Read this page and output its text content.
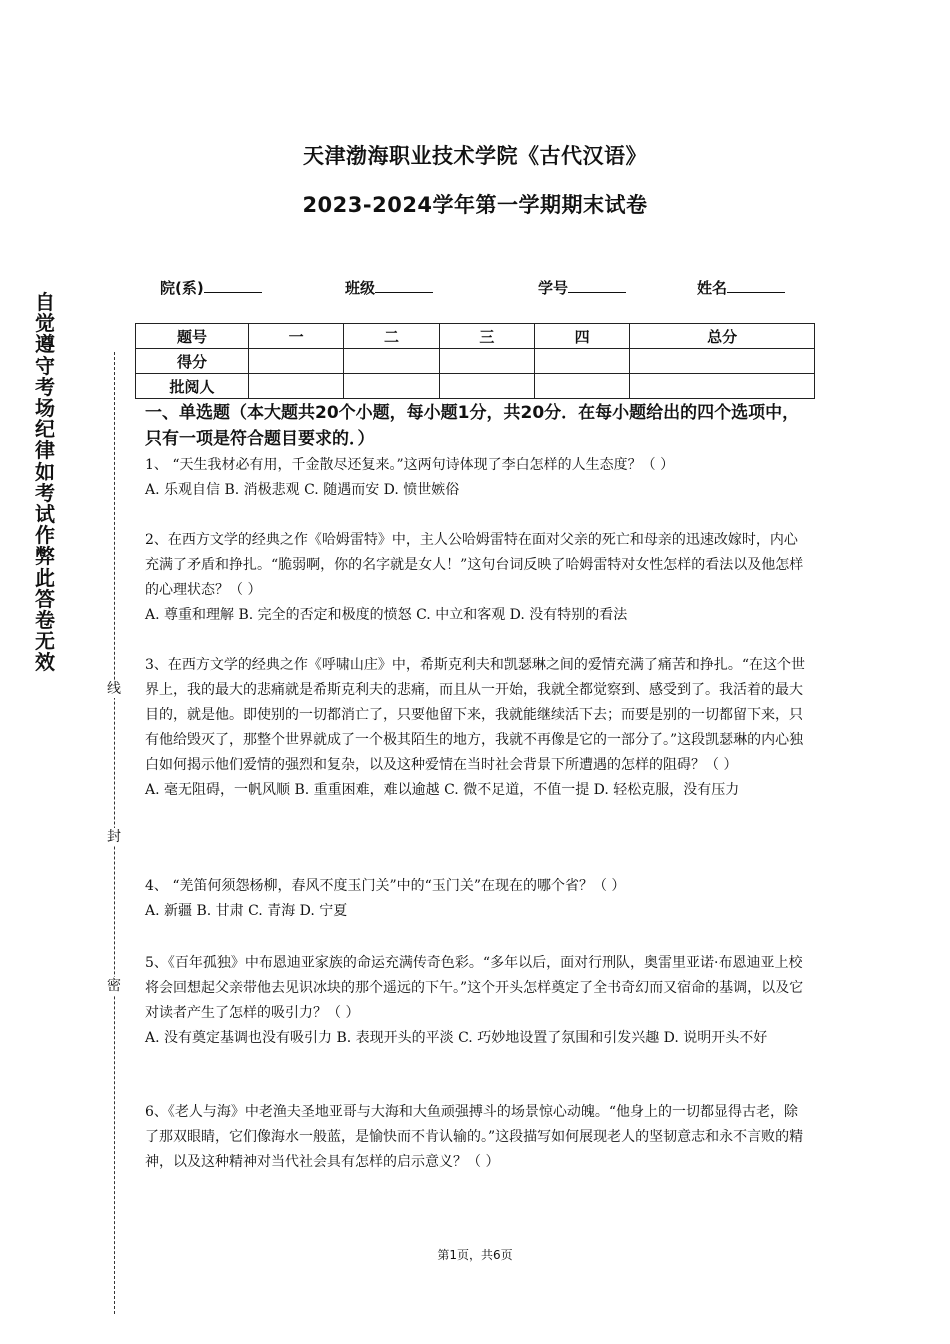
天津渤海职业技术学院《古代汉语》
2023-2024学年第一学期期末试卷
院(系)	班级	学号	姓名
题号	一	二	三	四	总分
得分					
批阅人					
自觉遵守考场纪律如考试作弊此答卷无效
线
封
密
一、单选题（本大题共20个小题，每小题1分，共20分．在每小题给出的四个选项中，只有一项是符合题目要求的．）

1、 “天生我材必有用，千金散尽还复来。”这两句诗体现了李白怎样的人生态度？（ ）

A. 乐观自信 B. 消极悲观 C. 随遇而安 D. 愤世嫉俗

2、在西方文学的经典之作《哈姆雷特》中，主人公哈姆雷特在面对父亲的死亡和母亲的迅速改嫁时，内心充满了矛盾和挣扎。“脆弱啊，你的名字就是女人！”这句台词反映了哈姆雷特对女性怎样的看法以及他怎样的心理状态？（ ）

A. 尊重和理解 B. 完全的否定和极度的愤怒 C. 中立和客观 D. 没有特别的看法

3、在西方文学的经典之作《呼啸山庄》中，希斯克利夫和凯瑟琳之间的爱情充满了痛苦和挣扎。“在这个世界上，我的最大的悲痛就是希斯克利夫的悲痛，而且从一开始，我就全都觉察到、感受到了。我活着的最大目的，就是他。即使别的一切都消亡了，只要他留下来，我就能继续活下去；而要是别的一切都留下来，只有他给毁灭了，那整个世界就成了一个极其陌生的地方，我就不再像是它的一部分了。”这段凯瑟琳的内心独白如何揭示他们爱情的强烈和复杂，以及这种爱情在当时社会背景下所遭遇的怎样的阻碍？（ ）

A. 毫无阻碍，一帆风顺 B. 重重困难，难以逾越 C. 微不足道，不值一提 D. 轻松克服，没有压力

4、 “羌笛何须怨杨柳，春风不度玉门关”中的“玉门关”在现在的哪个省？（ ）

A. 新疆 B. 甘肃 C. 青海 D. 宁夏

5、《百年孤独》中布恩迪亚家族的命运充满传奇色彩。“多年以后，面对行刑队，奥雷里亚诺·布恩迪亚上校将会回想起父亲带他去见识冰块的那个遥远的下午。”这个开头怎样奠定了全书奇幻而又宿命的基调，以及它对读者产生了怎样的吸引力？（ ）

A. 没有奠定基调也没有吸引力 B. 表现开头的平淡 C. 巧妙地设置了氛围和引发兴趣 D. 说明开头不好

6、《老人与海》中老渔夫圣地亚哥与大海和大鱼顽强搏斗的场景惊心动魄。“他身上的一切都显得古老，除了那双眼睛，它们像海水一般蓝，是愉快而不肯认输的。”这段描写如何展现老人的坚韧意志和永不言败的精神，以及这种精神对当代社会具有怎样的启示意义？（ ）

第1页，共6页
